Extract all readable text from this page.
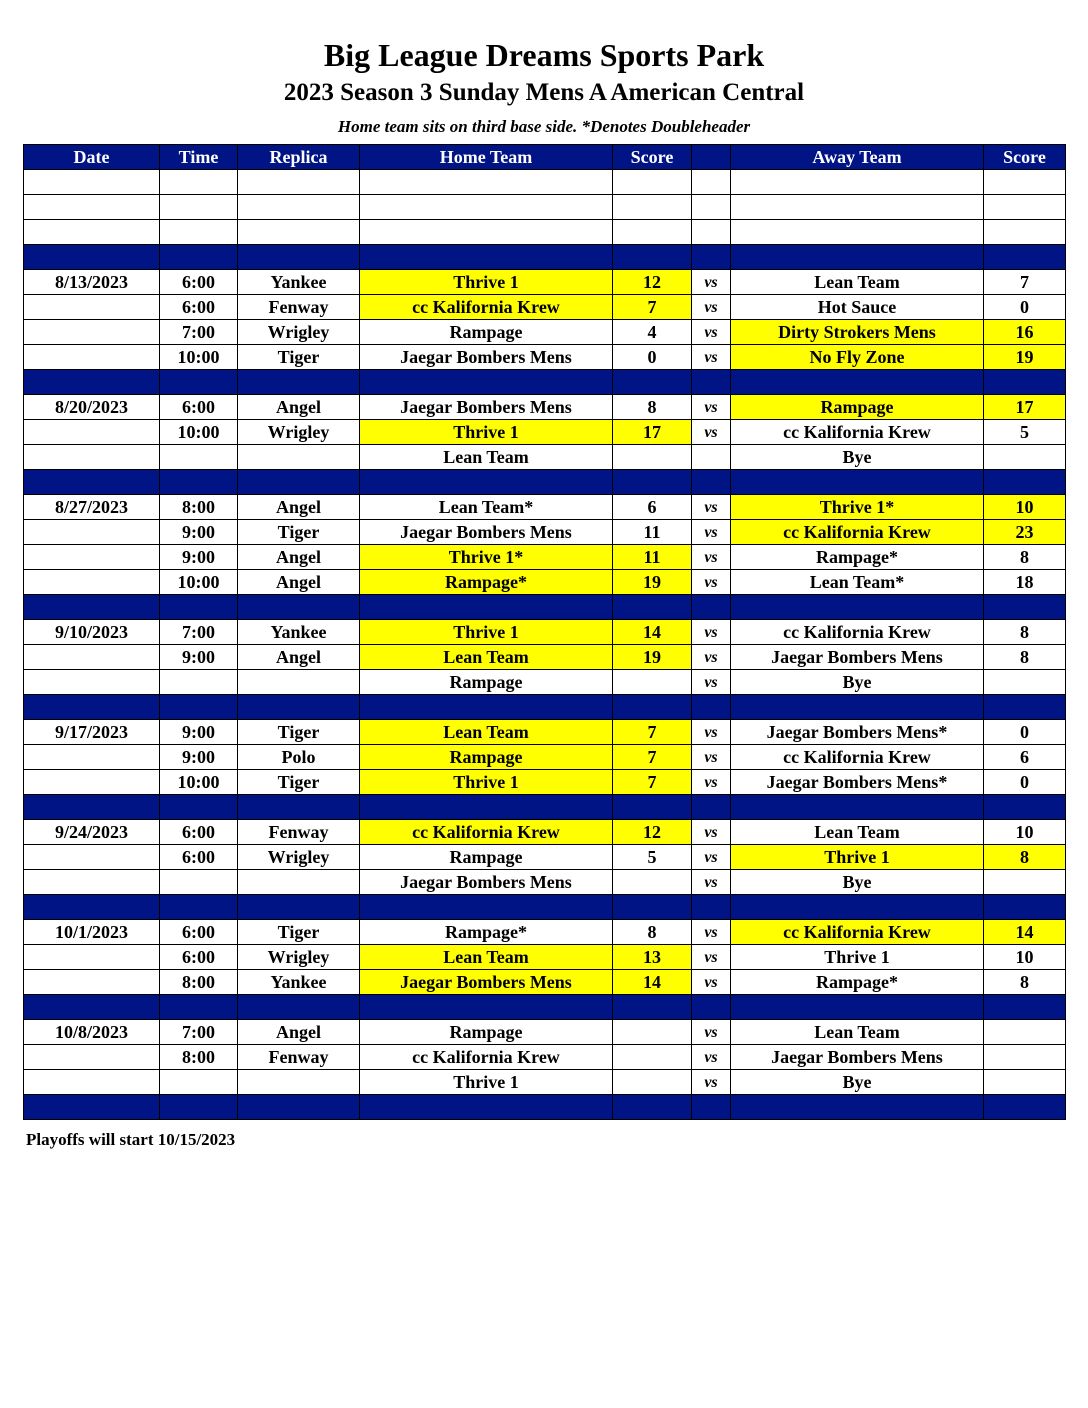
Big League Dreams Sports Park
2023 Season 3 Sunday Mens A American Central
Home team sits on third base side. *Denotes Doubleheader
Date	Time	Replica	Home Team	Score		Away Team	Score

8/13/2023	6:00	Yankee	Thrive 1	12	vs	Lean Team	7
	6:00	Fenway	cc Kalifornia Krew	7	vs	Hot Sauce	0
	7:00	Wrigley	Rampage	4	vs	Dirty Strokers Mens	16
	10:00	Tiger	Jaegar Bombers Mens	0	vs	No Fly Zone	19

8/20/2023	6:00	Angel	Jaegar Bombers Mens	8	vs	Rampage	17
	10:00	Wrigley	Thrive 1	17	vs	cc Kalifornia Krew	5
			Lean Team			Bye	

8/27/2023	8:00	Angel	Lean Team*	6	vs	Thrive 1*	10
	9:00	Tiger	Jaegar Bombers Mens	11	vs	cc Kalifornia Krew	23
	9:00	Angel	Thrive 1*	11	vs	Rampage*	8
	10:00	Angel	Rampage*	19	vs	Lean Team*	18

9/10/2023	7:00	Yankee	Thrive 1	14	vs	cc Kalifornia Krew	8
	9:00	Angel	Lean Team	19	vs	Jaegar Bombers Mens	8
			Rampage		vs	Bye	

9/17/2023	9:00	Tiger	Lean Team	7	vs	Jaegar Bombers Mens*	0
	9:00	Polo	Rampage	7	vs	cc Kalifornia Krew	6
	10:00	Tiger	Thrive 1	7	vs	Jaegar Bombers Mens*	0

9/24/2023	6:00	Fenway	cc Kalifornia Krew	12	vs	Lean Team	10
	6:00	Wrigley	Rampage	5	vs	Thrive 1	8
			Jaegar Bombers Mens		vs	Bye	

10/1/2023	6:00	Tiger	Rampage*	8	vs	cc Kalifornia Krew	14
	6:00	Wrigley	Lean Team	13	vs	Thrive 1	10
	8:00	Yankee	Jaegar Bombers Mens	14	vs	Rampage*	8

10/8/2023	7:00	Angel	Rampage		vs	Lean Team	
	8:00	Fenway	cc Kalifornia Krew		vs	Jaegar Bombers Mens	
			Thrive 1		vs	Bye	

Playoffs will start 10/15/2023
